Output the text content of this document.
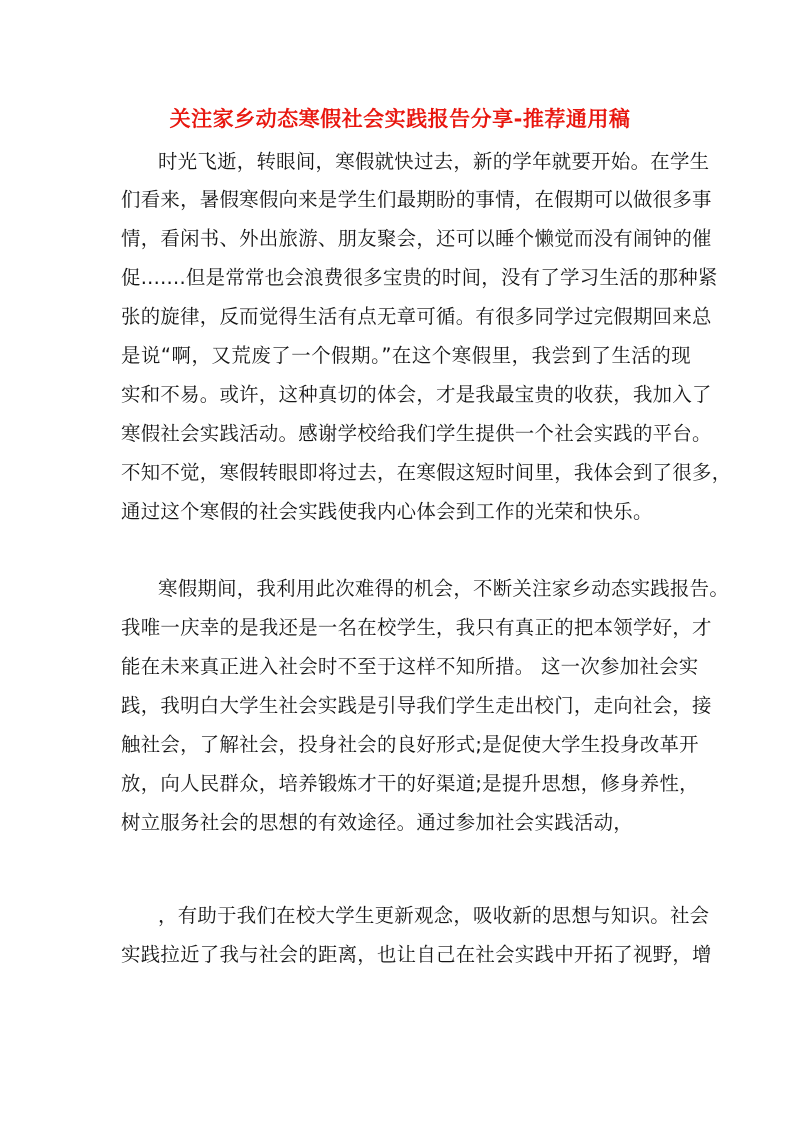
关注家乡动态寒假社会实践报告分享-推荐通用稿
时光飞逝，转眼间，寒假就快过去，新的学年就要开始。在学生
们看来，暑假寒假向来是学生们最期盼的事情，在假期可以做很多事
情，看闲书、外出旅游、朋友聚会，还可以睡个懒觉而没有闹钟的催
促.......但是常常也会浪费很多宝贵的时间，没有了学习生活的那种紧
张的旋律，反而觉得生活有点无章可循。有很多同学过完假期回来总
是说“啊，又荒废了一个假期。”在这个寒假里，我尝到了生活的现
实和不易。或许，这种真切的体会，才是我最宝贵的收获，我加入了
寒假社会实践活动。感谢学校给我们学生提供一个社会实践的平台。
不知不觉，寒假转眼即将过去，在寒假这短时间里，我体会到了很多，
通过这个寒假的社会实践使我内心体会到工作的光荣和快乐。
寒假期间，我利用此次难得的机会，不断关注家乡动态实践报告。
我唯一庆幸的是我还是一名在校学生，我只有真正的把本领学好，才
能在未来真正进入社会时不至于这样不知所措。 这一次参加社会实
践，我明白大学生社会实践是引导我们学生走出校门，走向社会，接
触社会，了解社会，投身社会的良好形式;是促使大学生投身改革开
放，向人民群众，培养锻炼才干的好渠道;是提升思想，修身养性，
树立服务社会的思想的有效途径。通过参加社会实践活动，
，有助于我们在校大学生更新观念，吸收新的思想与知识。社会
实践拉近了我与社会的距离，也让自己在社会实践中开拓了视野，增
